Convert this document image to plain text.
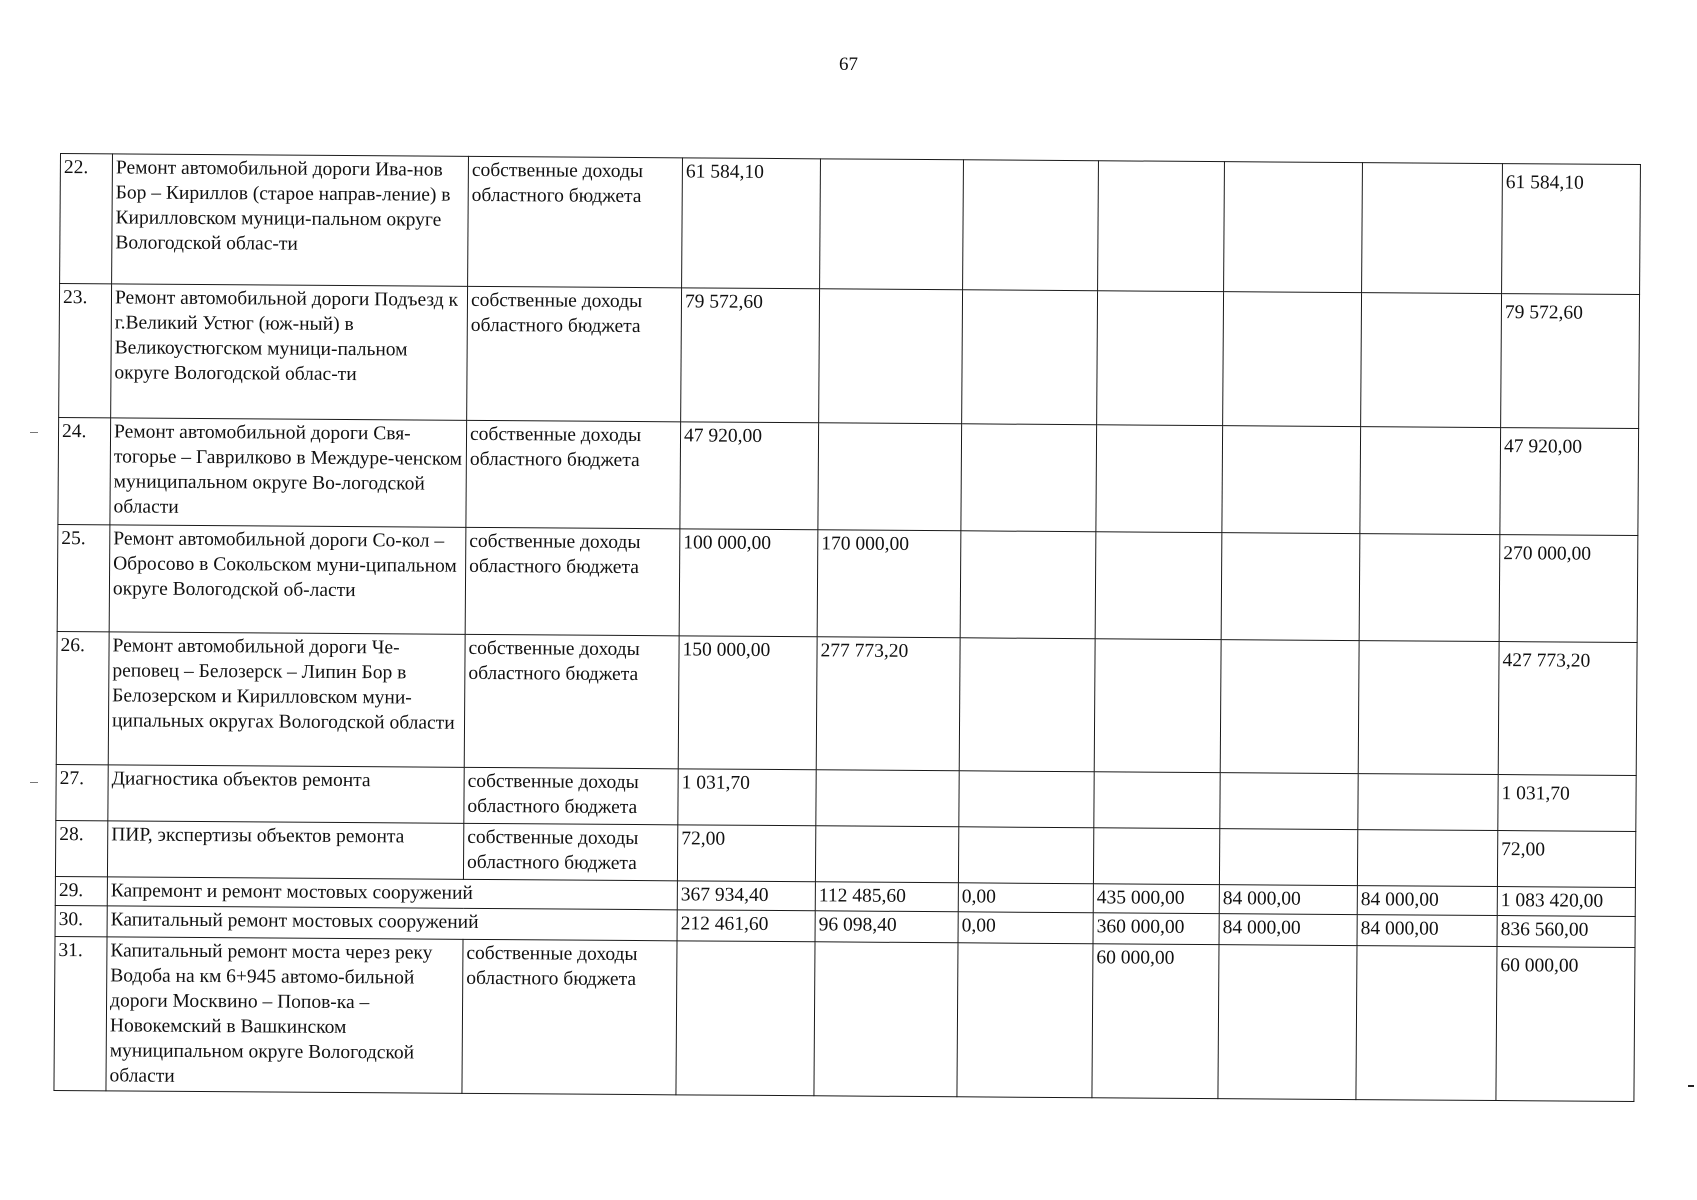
67
22.	Ремонт автомобильной дороги Ива-нов Бор – Кириллов (старое направ-ление) в Кирилловском муници-пальном округе Вологодской облас-ти	собственные доходы областного бюджета	61 584,10						61 584,10
23.	Ремонт автомобильной дороги Подъезд к г.Великий Устюг (юж-ный) в Великоустюгском муници-пальном округе Вологодской облас-ти	собственные доходы областного бюджета	79 572,60						79 572,60
24.	Ремонт автомобильной дороги Свя-тогорье – Гаврилково в Междуре-ченском муниципальном округе Во-логодской области	собственные доходы областного бюджета	47 920,00						47 920,00
25.	Ремонт автомобильной дороги Со-кол – Обросово в Сокольском муни-ципальном округе Вологодской об-ласти	собственные доходы областного бюджета	100 000,00	170 000,00					270 000,00
26.	Ремонт автомобильной дороги Че-реповец – Белозерск – Липин Бор в Белозерском и Кирилловском муни-ципальных округах Вологодской области	собственные доходы областного бюджета	150 000,00	277 773,20					427 773,20
27.	Диагностика объектов ремонта	собственные доходы областного бюджета	1 031,70						1 031,70
28.	ПИР, экспертизы объектов ремонта	собственные доходы областного бюджета	72,00						72,00
29.	Капремонт и ремонт мостовых сооружений		367 934,40	112 485,60	0,00	435 000,00	84 000,00	84 000,00	1 083 420,00
30.	Капитальный ремонт мостовых сооружений		212 461,60	96 098,40	0,00	360 000,00	84 000,00	84 000,00	836 560,00
31.	Капитальный ремонт моста через реку Водоба на км 6+945 автомо-бильной дороги Москвино – Попов-ка – Новокемский в Вашкинском муниципальном округе Вологодской области	собственные доходы областного бюджета				60 000,00			60 000,00
